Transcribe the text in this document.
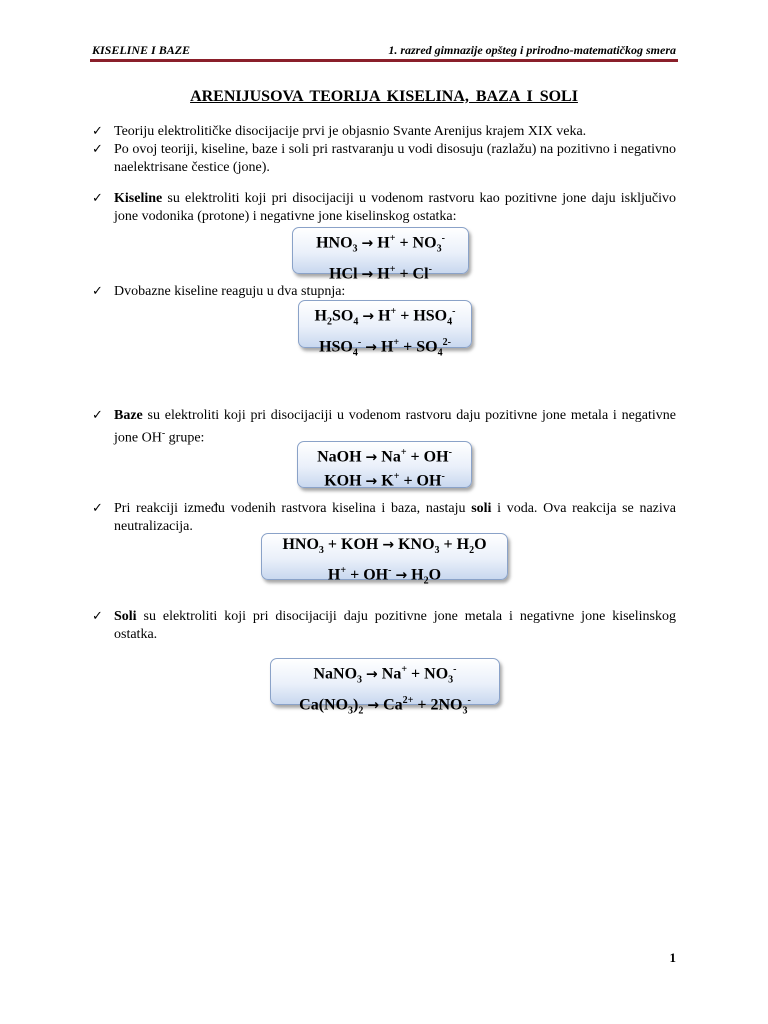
KISELINE I BAZE	1. razred gimnazije opšteg i prirodno-matematičkog smera
ARENIJUSOVA TEORIJA KISELINA, BAZA I SOLI
✓ Teoriju elektrolitičke disocijacije prvi je objasnio Svante Arenijus krajem XIX veka.
✓ Po ovoj teoriji, kiseline, baze i soli pri rastvaranju u vodi disosuju (razlažu) na pozitivno i negativno naelektrisane čestice (jone).
✓ Kiseline su elektroliti koji pri disocijaciji u vodenom rastvoru kao pozitivne jone daju isključivo jone vodonika (protone) i negativne jone kiselinskog ostatka:
$HNO_3 \to H^+ + NO_3^-$
HCl → H+ + Cl-
✓ Dvobazne kiseline reaguju u dva stupnja:
$H_2SO_4 \to H^+ + HSO_4^-$
$HSO_4^- \to H^+ + SO_4^{2-}$
✓ Baze su elektroliti koji pri disocijaciji u vodenom rastvoru daju pozitivne jone metala i negativne jone OH- grupe:
NaOH → Na+ + OH-
KOH → K+ + OH-
✓ Pri reakciji između vodenih rastvora kiselina i baza, nastaju soli i voda. Ova reakcija se naziva neutralizacija.
$HNO_3$ + KOH → $KNO_3 + H_2O$
$H^+ + OH^- \to H_2O$
✓ Soli su elektroliti koji pri disocijaciji daju pozitivne jone metala i negativne jone kiselinskog ostatka.
NaNO$_3$ → $Na^+ + NO_3^-$
$Ca(NO_3)_2 \to Ca^{2+} + 2NO_3^-$
1
